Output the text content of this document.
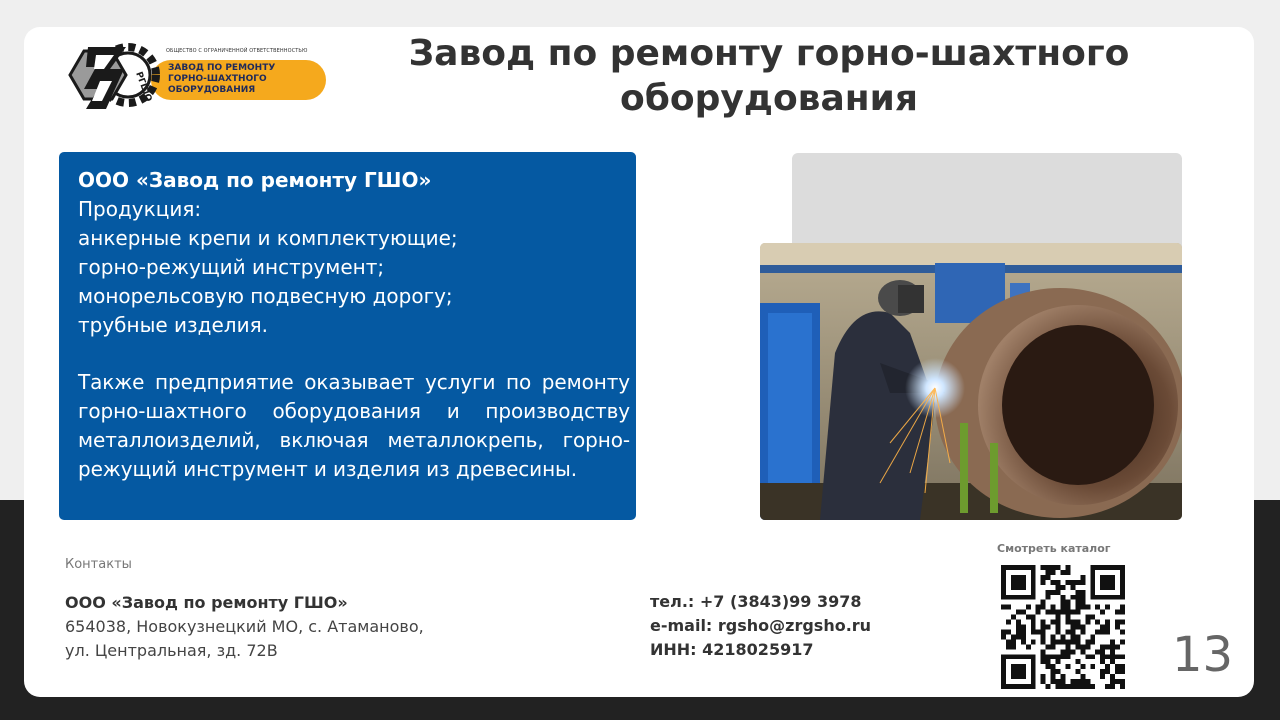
РГШО
ОБЩЕСТВО С ОГРАНИЧЕННОЙ ОТВЕТСТВЕННОСТЬЮ
ЗАВОД ПО РЕМОНТУ
ГОРНО-ШАХТНОГО
ОБОРУДОВАНИЯ
Завод по ремонту горно-шахтного
оборудования
ООО «Завод по ремонту ГШО»
Продукция:
анкерные крепи и комплектующие;
горно-режущий инструмент;
монорельсовую подвесную дорогу;
трубные изделия.
Также предприятие оказывает услуги по ремонту горно-шахтного оборудования и производству металлоизделий, включая металлокрепь, горно-режущий инструмент и изделия из древесины.
Контакты
ООО «Завод по ремонту ГШО»
654038, Новокузнецкий МО, с. Атаманово,
ул. Центральная, зд. 72В
тел.: +7 (3843)99 3978
e-mail: rgsho@zrgsho.ru
ИНН: 4218025917
Смотреть каталог
13
